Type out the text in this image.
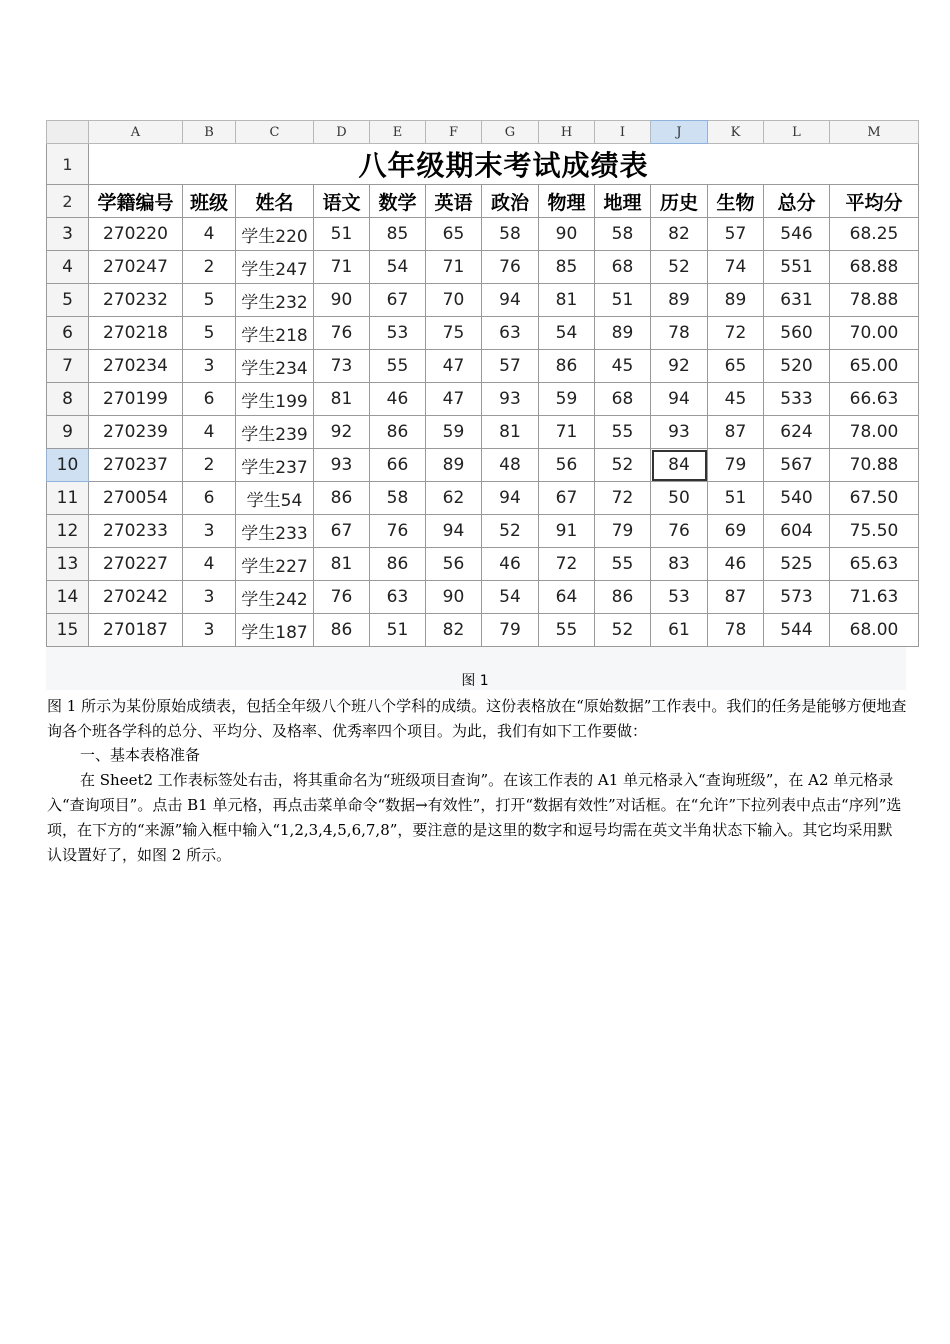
	A	B	C	D	E	F	G	H	I	J	K	L	M
1	八年级期末考试成绩表												
2	学籍编号	班级	姓名	语文	数学	英语	政治	物理	地理	历史	生物	总分	平均分
3	270220	4	学生220	51	85	65	58	90	58	82	57	546	68.25
4	270247	2	学生247	71	54	71	76	85	68	52	74	551	68.88
5	270232	5	学生232	90	67	70	94	81	51	89	89	631	78.88
6	270218	5	学生218	76	53	75	63	54	89	78	72	560	70.00
7	270234	3	学生234	73	55	47	57	86	45	92	65	520	65.00
8	270199	6	学生199	81	46	47	93	59	68	94	45	533	66.63
9	270239	4	学生239	92	86	59	81	71	55	93	87	624	78.00
10	270237	2	学生237	93	66	89	48	56	52	84	79	567	70.88
11	270054	6	学生54	86	58	62	94	67	72	50	51	540	67.50
12	270233	3	学生233	67	76	94	52	91	79	76	69	604	75.50
13	270227	4	学生227	81	86	56	46	72	55	83	46	525	65.63
14	270242	3	学生242	76	63	90	54	64	86	53	87	573	71.63
15	270187	3	学生187	86	51	82	79	55	52	61	78	544	68.00
图 1
图 1 所示为某份原始成绩表，包括全年级八个班八个学科的成绩。这份表格放在“原始数据”工作表中。我们的任务是能够方便地查询各个班各学科的总分、平均分、及格率、优秀率四个项目。为此，我们有如下工作要做：
一、基本表格准备
在 Sheet2 工作表标签处右击，将其重命名为“班级项目查询”。在该工作表的 A1 单元格录入“查询班级”，在 A2 单元格录入“查询项目”。点击 B1 单元格，再点击菜单命令“数据→有效性”，打开“数据有效性”对话框。在“允许”下拉列表中点击“序列”选项，在下方的“来源”输入框中输入“1,2,3,4,5,6,7,8”，要注意的是这里的数字和逗号均需在英文半角状态下输入。其它均采用默认设置好了，如图 2 所示。
